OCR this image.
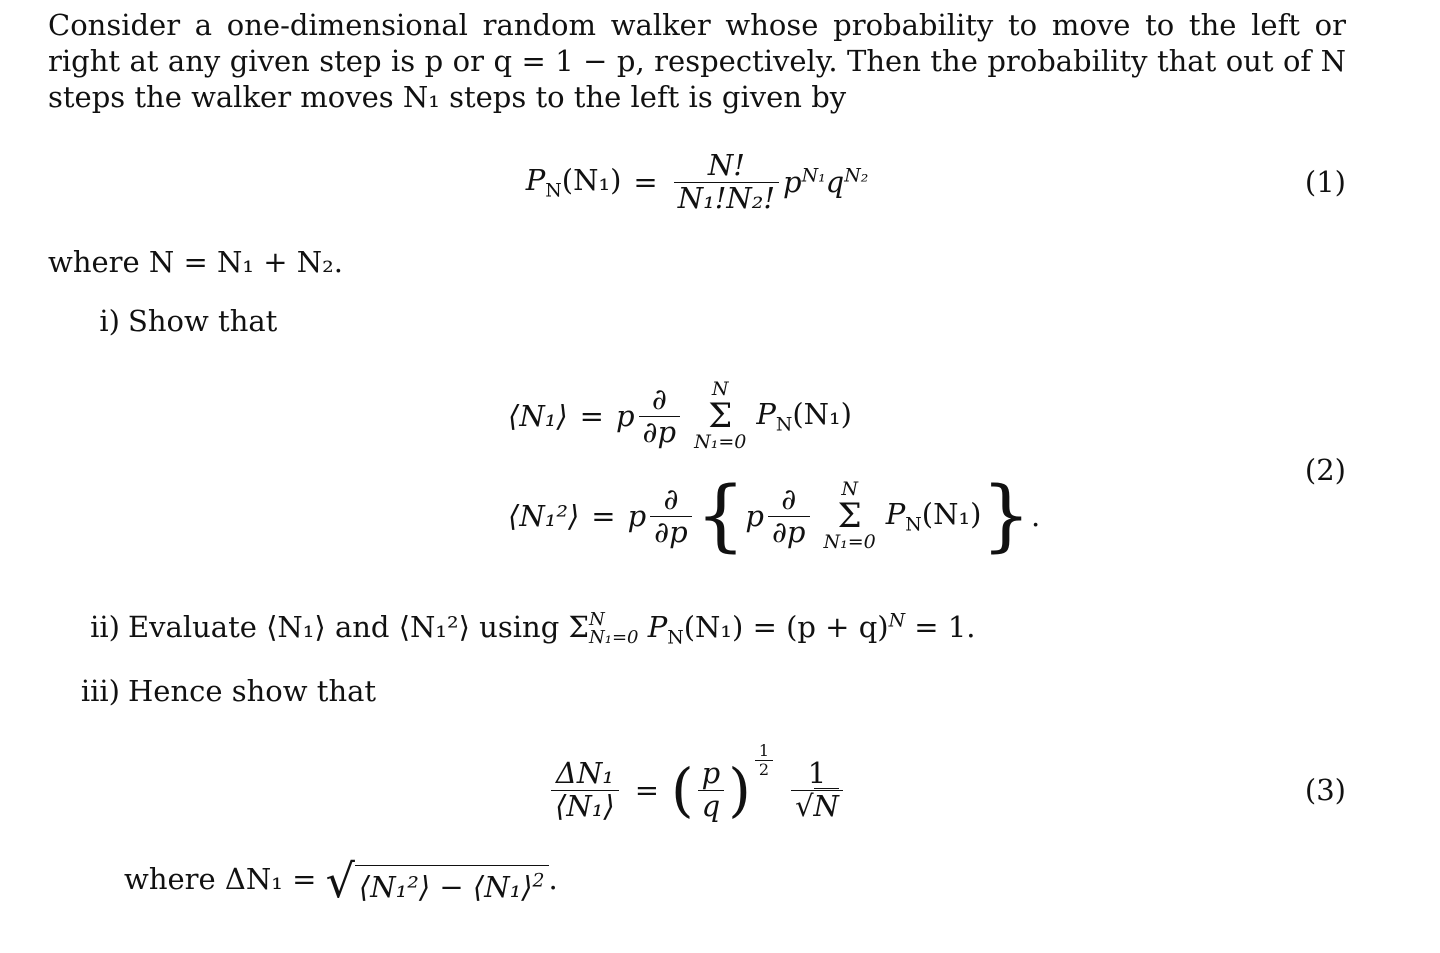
Consider a one-dimensional random walker whose probability to move to the left or right at any given step is p or q = 1 − p, respectively. Then the probability that out of N steps the walker moves N₁ steps to the left is given by

$P_N(N_1) = \frac{N!}{\text{N₁!N₂!}} p^{N_1}q^{N_2}$	(1)

where N = N₁ + N₂.

i) Show that
⟨N₁⟩ = p $\frac{\partial}{\partial p}$ N
Σ
N₁=0
$P_N(N_1)$
⟨N₁²⟩ = p $\frac{\partial}{\partial p}$ { p $\frac{\partial}{\partial p}$ N
Σ
N₁=0
$P_N(N_1)$ } .
(2)
ii) Evaluate ⟨N₁⟩ and ⟨N₁²⟩ using Σ N
N₁=0 $P_N(N_1) = (p + q)^N = 1$.
iii) Hence show that
$\frac{\text{ΔN₁}}{\text{⟨N₁⟩}}$ = ( $\frac{p}{q}$ ) $\frac{1}{2} \frac{1}{√N}$	(3)
where ΔN₁ = √ ⟨N₁²⟩ − ⟨N₁⟩$^2$ .
